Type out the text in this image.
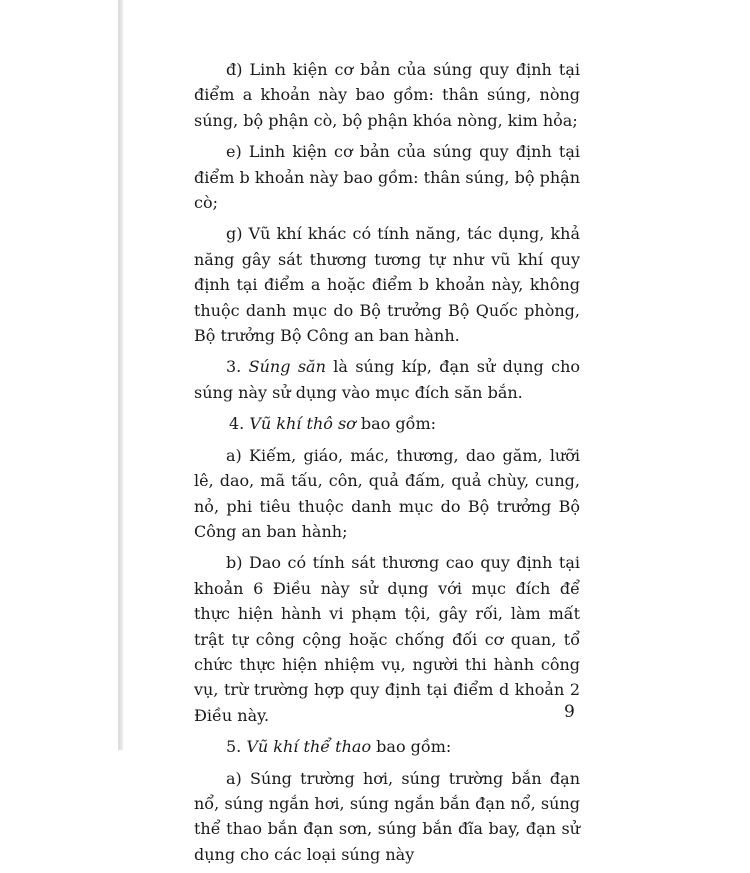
đ) Linh kiện cơ bản của súng quy định tại điểm a khoản này bao gồm: thân súng, nòng súng, bộ phận cò, bộ phận khóa nòng, kim hỏa;

e) Linh kiện cơ bản của súng quy định tại điểm b khoản này bao gồm: thân súng, bộ phận cò;

g) Vũ khí khác có tính năng, tác dụng, khả năng gây sát thương tương tự như vũ khí quy định tại điểm a hoặc điểm b khoản này, không thuộc danh mục do Bộ trưởng Bộ Quốc phòng, Bộ trưởng Bộ Công an ban hành.

3. Súng săn là súng kíp, đạn sử dụng cho súng này sử dụng vào mục đích săn bắn.

4. Vũ khí thô sơ bao gồm:

a) Kiếm, giáo, mác, thương, dao găm, lưỡi lê, dao, mã tấu, côn, quả đấm, quả chùy, cung, nỏ, phi tiêu thuộc danh mục do Bộ trưởng Bộ Công an ban hành;

b) Dao có tính sát thương cao quy định tại khoản 6 Điều này sử dụng với mục đích để thực hiện hành vi phạm tội, gây rối, làm mất trật tự công cộng hoặc chống đối cơ quan, tổ chức thực hiện nhiệm vụ, người thi hành công vụ, trừ trường hợp quy định tại điểm d khoản 2 Điều này.

5. Vũ khí thể thao bao gồm:

a) Súng trường hơi, súng trường bắn đạn nổ, súng ngắn hơi, súng ngắn bắn đạn nổ, súng thể thao bắn đạn sơn, súng bắn đĩa bay, đạn sử dụng cho các loại súng này

9
